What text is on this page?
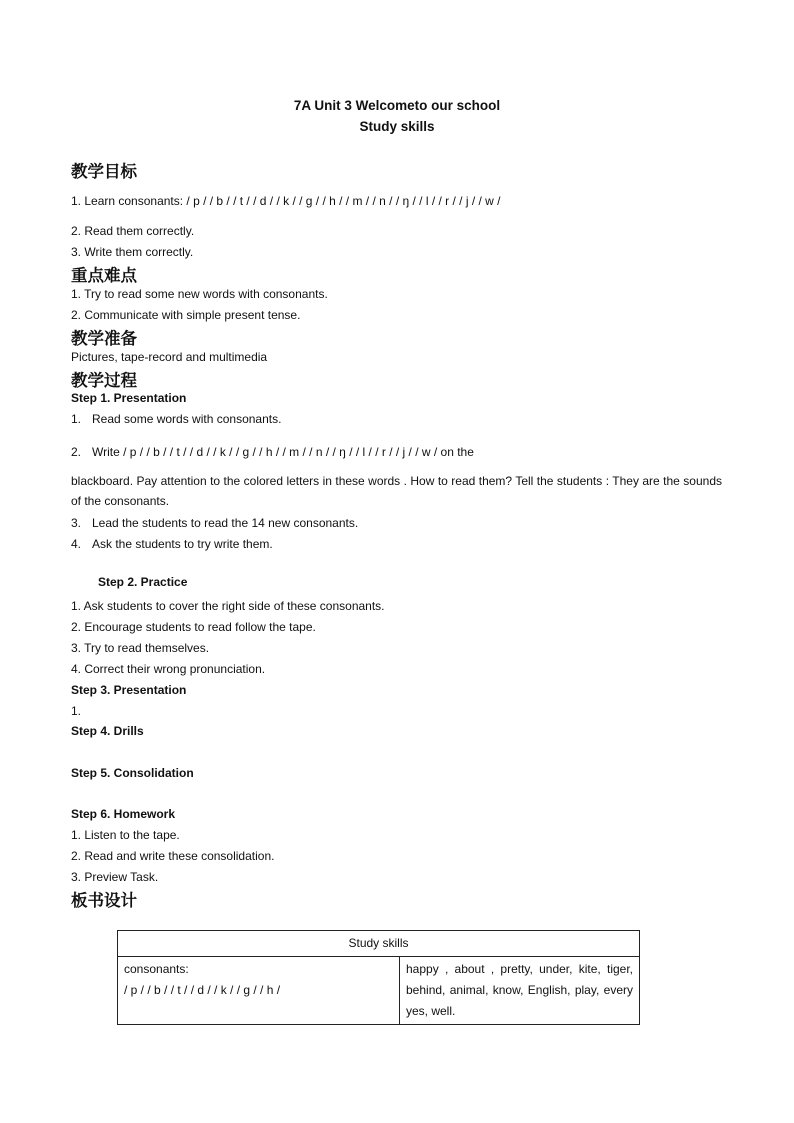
7A Unit 3 Welcometo our school
Study skills
教学目标
1. Learn consonants: / p / / b / / t / / d / / k / / g / / h / / m / / n / / ŋ / / l / / r / / j / / w /
2. Read them correctly.
3. Write them correctly.
重点难点
1. Try to read some new words with consonants.
2. Communicate with simple present tense.
教学准备
Pictures, tape-record and multimedia
教学过程
Step 1. Presentation
1. Read some words with consonants.
2. Write / p / / b / / t / / d / / k / / g / / h / / m / / n / / ŋ / / l / / r / / j / / w / on the
blackboard. Pay attention to the colored letters in these words . How to read them? Tell the students : They are the sounds of the consonants.
3. Lead the students to read the 14 new consonants.
4. Ask the students to try write them.
Step 2. Practice
1. Ask students to cover the right side of these consonants.
2. Encourage students to read follow the tape.
3. Try to read themselves.
4. Correct their wrong pronunciation.
Step 3. Presentation
1.
Step 4. Drills
Step 5. Consolidation
Step 6. Homework
1. Listen to the tape.
2. Read and write these consolidation.
3. Preview Task.
板书设计
Study skills

consonants:
/ p / / b / / t / / d / / k / / g / / h /
	happy , about , pretty, under, kite, tiger, behind, animal, know, English, play, every yes, well.
